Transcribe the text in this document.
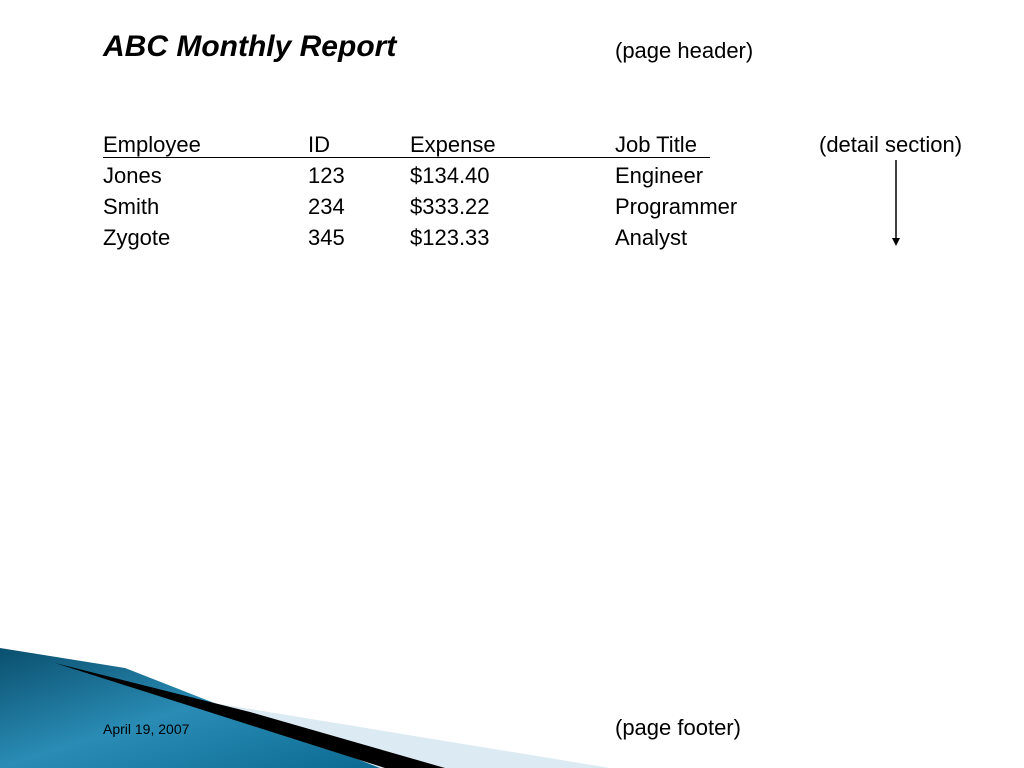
ABC Monthly Report	(page header)
(detail section)
Employee	ID	Expense	Job Title
Jones	123	$134.40	Engineer
Smith	234	$333.22	Programmer
Zygote	345	$123.33	Analyst
April 19, 2007	(page footer)
